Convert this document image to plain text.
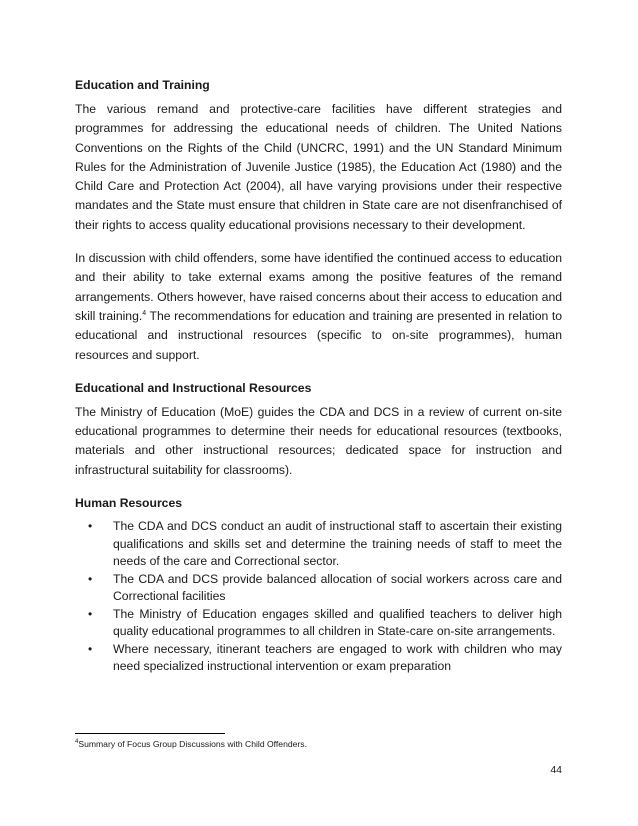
Education and Training

The various remand and protective-care facilities have different strategies and programmes for addressing the educational needs of children. The United Nations Conventions on the Rights of the Child (UNCRC, 1991) and the UN Standard Minimum Rules for the Administration of Juvenile Justice (1985), the Education Act (1980) and the Child Care and Protection Act (2004), all have varying provisions under their respective mandates and the State must ensure that children in State care are not disenfranchised of their rights to access quality educational provisions necessary to their development.

In discussion with child offenders, some have identified the continued access to education and their ability to take external exams among the positive features of the remand arrangements. Others however, have raised concerns about their access to education and skill training.$^4$ The recommendations for education and training are presented in relation to educational and instructional resources (specific to on-site programmes), human resources and support.

Educational and Instructional Resources

The Ministry of Education (MoE) guides the CDA and DCS in a review of current on-site educational programmes to determine their needs for educational resources (textbooks, materials and other instructional resources; dedicated space for instruction and infrastructural suitability for classrooms).

Human Resources
• The CDA and DCS conduct an audit of instructional staff to ascertain their existing qualifications and skills set and determine the training needs of staff to meet the needs of the care and Correctional sector.
• The CDA and DCS provide balanced allocation of social workers across care and Correctional facilities
• The Ministry of Education engages skilled and qualified teachers to deliver high quality educational programmes to all children in State-care on-site arrangements.
• Where necessary, itinerant teachers are engaged to work with children who may need specialized instructional intervention or exam preparation
$^4$Summary of Focus Group Discussions with Child Offenders.
44
